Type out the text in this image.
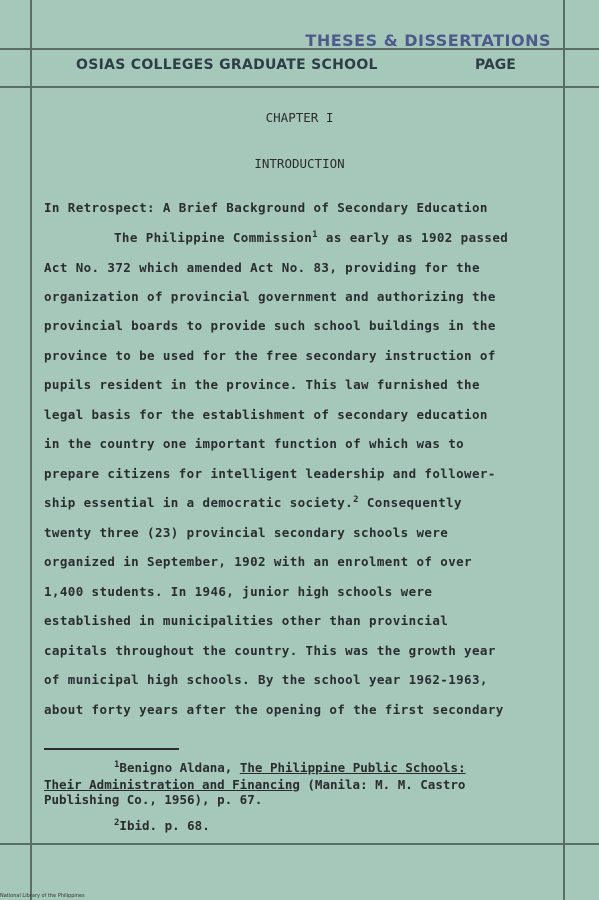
THESES & DISSERTATIONS
OSIAS COLLEGES GRADUATE SCHOOL	PAGE
CHAPTER I
INTRODUCTION
In Retrospect: A Brief Background of Secondary Education
The Philippine Commission$^1$ as early as 1902 passed
Act No. 372 which amended Act No. 83, providing for the
organization of provincial government and authorizing the
provincial boards to provide such school buildings in the
province to be used for the free secondary instruction of
pupils resident in the province. This law furnished the
legal basis for the establishment of secondary education
in the country one important function of which was to
prepare citizens for intelligent leadership and follower-
ship essential in a democratic society.$^2$ Consequently
twenty three (23) provincial secondary schools were
organized in September, 1902 with an enrolment of over
1,400 students. In 1946, junior high schools were
established in municipalities other than provincial
capitals throughout the country. This was the growth year
of municipal high schools. By the school year 1962-1963,
about forty years after the opening of the first secondary
$^1$Benigno Aldana, The Philippine Public Schools:
Their Administration and Financing (Manila: M. M. Castro
Publishing Co., 1956), p. 67.
$^2$Ibid. p. 68.
National Library of the Philippines
